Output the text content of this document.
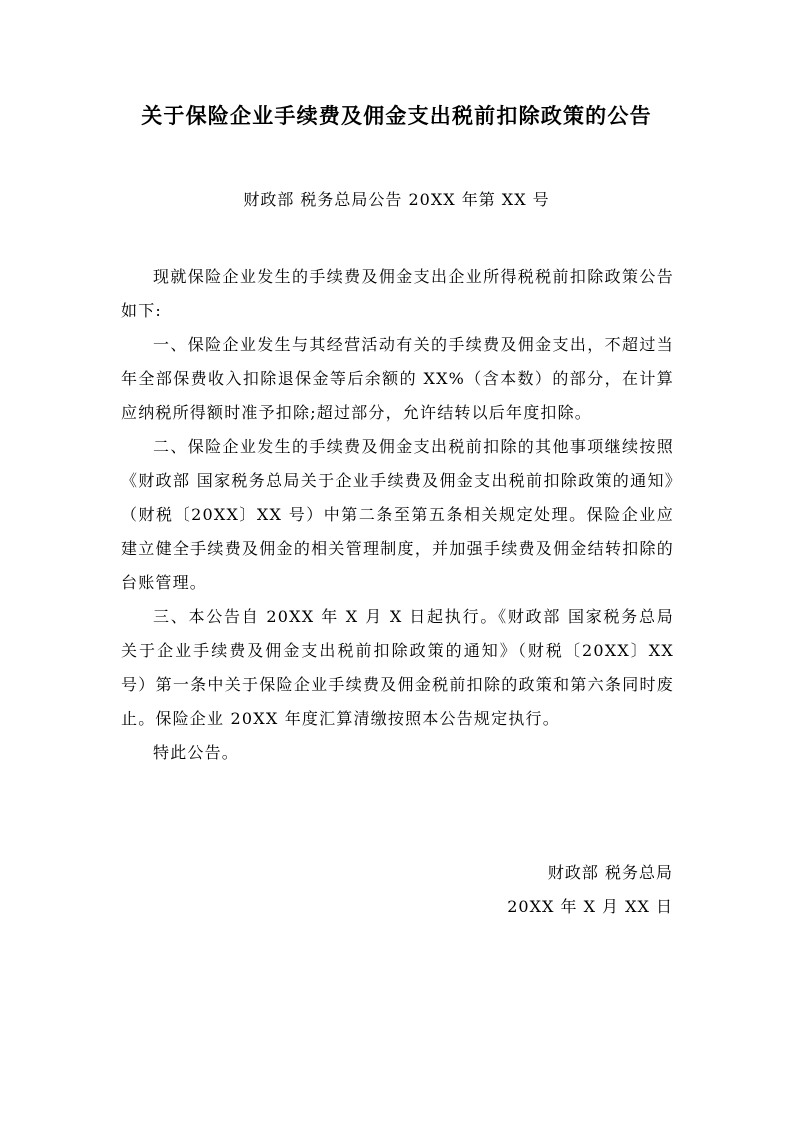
关于保险企业手续费及佣金支出税前扣除政策的公告
财政部 税务总局公告 20XX 年第 XX 号

现就保险企业发生的手续费及佣金支出企业所得税税前扣除政策公告如下:

一、保险企业发生与其经营活动有关的手续费及佣金支出，不超过当年全部保费收入扣除退保金等后余额的 XX%（含本数）的部分，在计算应纳税所得额时准予扣除;超过部分，允许结转以后年度扣除。

二、保险企业发生的手续费及佣金支出税前扣除的其他事项继续按照《财政部 国家税务总局关于企业手续费及佣金支出税前扣除政策的通知》（财税〔20XX〕XX 号）中第二条至第五条相关规定处理。保险企业应建立健全手续费及佣金的相关管理制度，并加强手续费及佣金结转扣除的台账管理。

三、本公告自 20XX 年 X 月 X 日起执行。《财政部 国家税务总局关于企业手续费及佣金支出税前扣除政策的通知》（财税〔20XX〕XX 号）第一条中关于保险企业手续费及佣金税前扣除的政策和第六条同时废止。保险企业 20XX 年度汇算清缴按照本公告规定执行。

特此公告。

财政部 税务总局
20XX 年 X 月 XX 日
